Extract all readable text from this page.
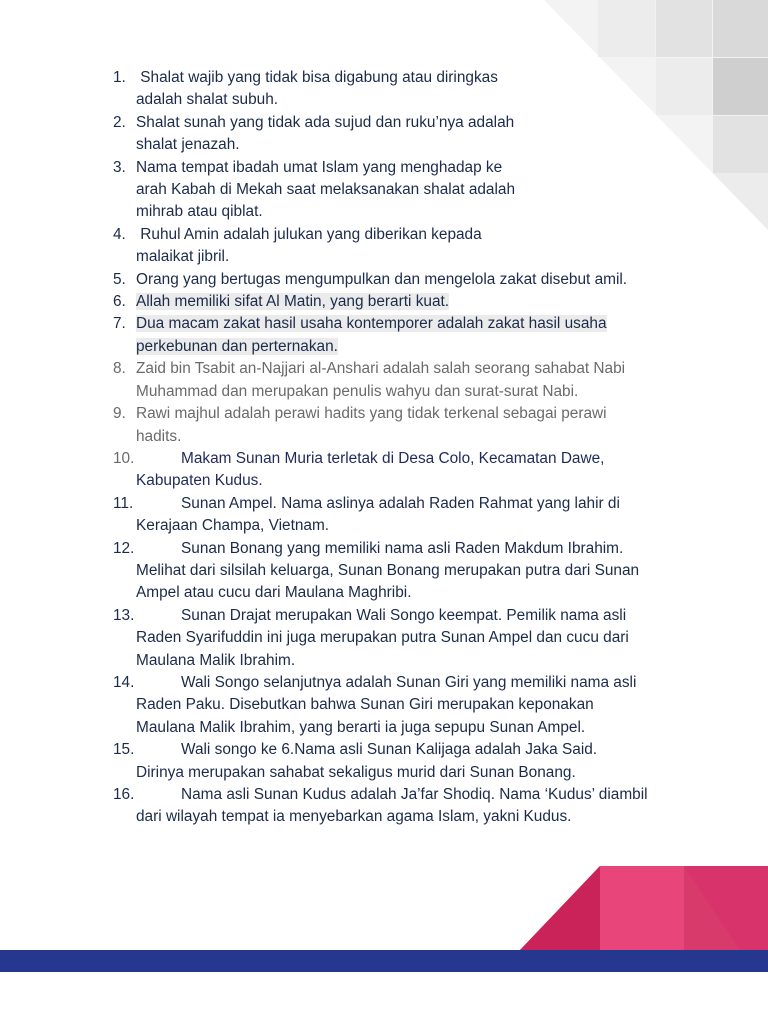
1. Shalat wajib yang tidak bisa digabung atau diringkas
adalah shalat subuh.
2. Shalat sunah yang tidak ada sujud dan ruku’nya adalah
shalat jenazah.
3. Nama tempat ibadah umat Islam yang menghadap ke
arah Kabah di Mekah saat melaksanakan shalat adalah
mihrab atau qiblat.
4. Ruhul Amin adalah julukan yang diberikan kepada
malaikat jibril.
5. Orang yang bertugas mengumpulkan dan mengelola zakat disebut amil.
6. Allah memiliki sifat Al Matin, yang berarti kuat.
7. Dua macam zakat hasil usaha kontemporer adalah zakat hasil usaha
perkebunan dan perternakan.
8. Zaid bin Tsabit an-Najjari al-Anshari adalah salah seorang sahabat Nabi
Muhammad dan merupakan penulis wahyu dan surat-surat Nabi.
9. Rawi majhul adalah perawi hadits yang tidak terkenal sebagai perawi
hadits.
10.	Makam Sunan Muria terletak di Desa Colo, Kecamatan Dawe,
Kabupaten Kudus.
11.	Sunan Ampel. Nama aslinya adalah Raden Rahmat yang lahir di
Kerajaan Champa, Vietnam.
12.	Sunan Bonang yang memiliki nama asli Raden Makdum Ibrahim.
Melihat dari silsilah keluarga, Sunan Bonang merupakan putra dari Sunan
Ampel atau cucu dari Maulana Maghribi.
13.	Sunan Drajat merupakan Wali Songo keempat. Pemilik nama asli
Raden Syarifuddin ini juga merupakan putra Sunan Ampel dan cucu dari
Maulana Malik Ibrahim.
14.	Wali Songo selanjutnya adalah Sunan Giri yang memiliki nama asli
Raden Paku. Disebutkan bahwa Sunan Giri merupakan keponakan
Maulana Malik Ibrahim, yang berarti ia juga sepupu Sunan Ampel.
15.	Wali songo ke 6.Nama asli Sunan Kalijaga adalah Jaka Said.
Dirinya merupakan sahabat sekaligus murid dari Sunan Bonang.
16.	Nama asli Sunan Kudus adalah Ja’far Shodiq. Nama ‘Kudus’ diambil
dari wilayah tempat ia menyebarkan agama Islam, yakni Kudus.
